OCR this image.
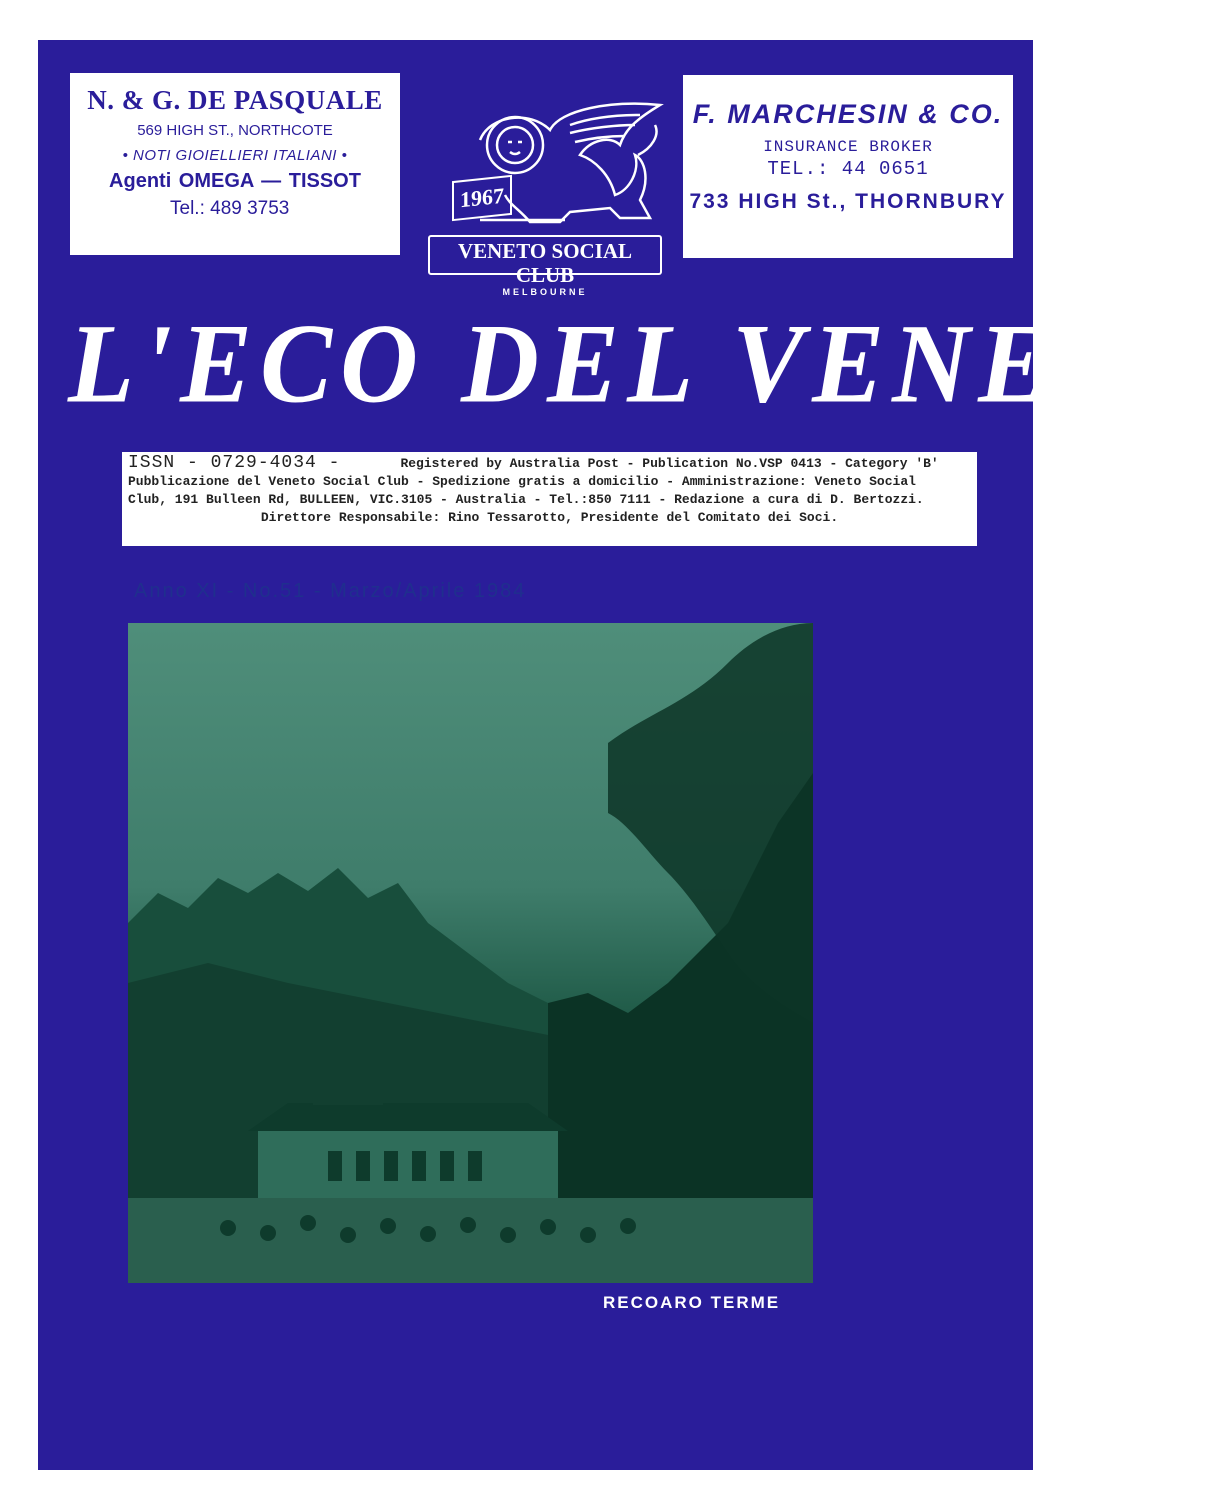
N. & G. DE PASQUALE
569 HIGH ST., NORTHCOTE
• NOTI GIOIELLIERI ITALIANI •
Agenti OMEGA — TISSOT
Tel.: 489 3753	1967
VENETO SOCIAL CLUB
MELBOURNE
F. MARCHESIN & CO.
INSURANCE BROKER
TEL.: 44 0651
733 HIGH St., THORNBURY
L'ECO DEL VENETO
ISSN - 0729-4034 -	Registered by Australia Post - Publication No.VSP 0413 - Category 'B'
Pubblicazione del Veneto Social Club - Spedizione gratis a domicilio - Amministrazione: Veneto Social
Club, 191 Bulleen Rd, BULLEEN, VIC.3105 - Australia - Tel.:850 7111 - Redazione a cura di D. Bertozzi.
Direttore Responsabile: Rino Tessarotto, Presidente del Comitato dei Soci.
Anno XI - No.51 - Marzo/Aprile 1984
RECOARO TERME
